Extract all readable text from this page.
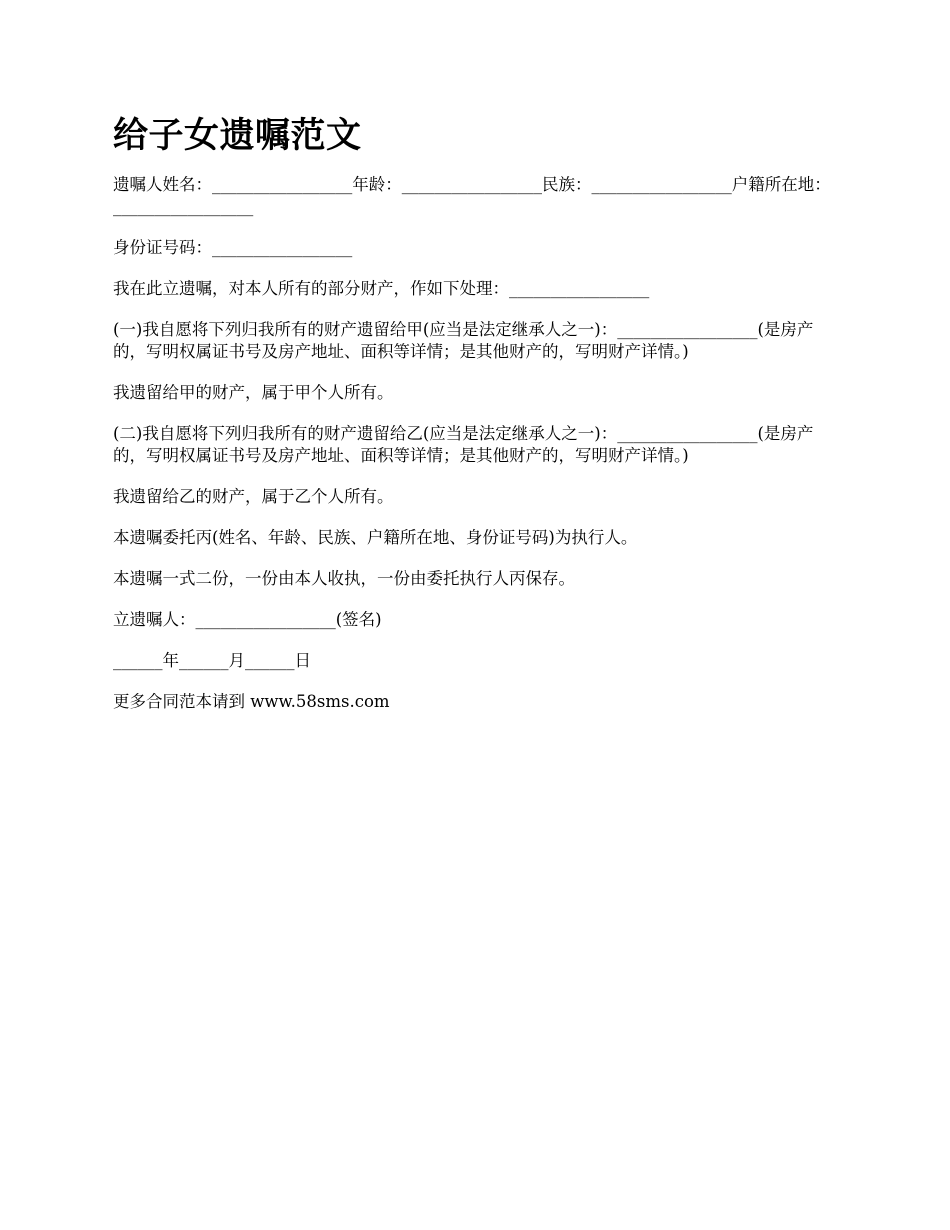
给子女遗嘱范文

遗嘱人姓名：_________________年龄：_________________民族：_________________户籍所在地：_________________

身份证号码：_________________

我在此立遗嘱，对本人所有的部分财产，作如下处理：_________________

(一)我自愿将下列归我所有的财产遗留给甲(应当是法定继承人之一)：_________________(是房产的，写明权属证书号及房产地址、面积等详情；是其他财产的，写明财产详情。)

我遗留给甲的财产，属于甲个人所有。

(二)我自愿将下列归我所有的财产遗留给乙(应当是法定继承人之一)：_________________(是房产的，写明权属证书号及房产地址、面积等详情；是其他财产的，写明财产详情。)

我遗留给乙的财产，属于乙个人所有。

本遗嘱委托丙(姓名、年龄、民族、户籍所在地、身份证号码)为执行人。

本遗嘱一式二份，一份由本人收执，一份由委托执行人丙保存。

立遗嘱人：_________________(签名)

______年______月______日

更多合同范本请到 www.58sms.com
